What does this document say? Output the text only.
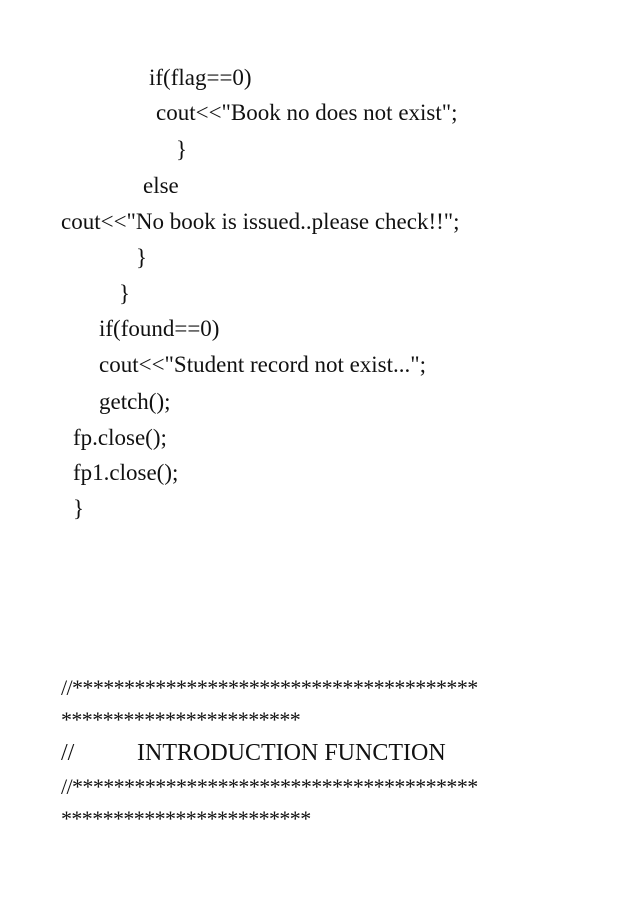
if(flag==0)

cout<<"Book no does not exist";

}

else

cout<<"No book is issued..please check!!";

}

}

if(found==0)

cout<<"Student record not exist...";

getch();

fp.close();

fp1.close();

}

//***************************************

***********************

//	INTRODUCTION FUNCTION

//***************************************

************************
